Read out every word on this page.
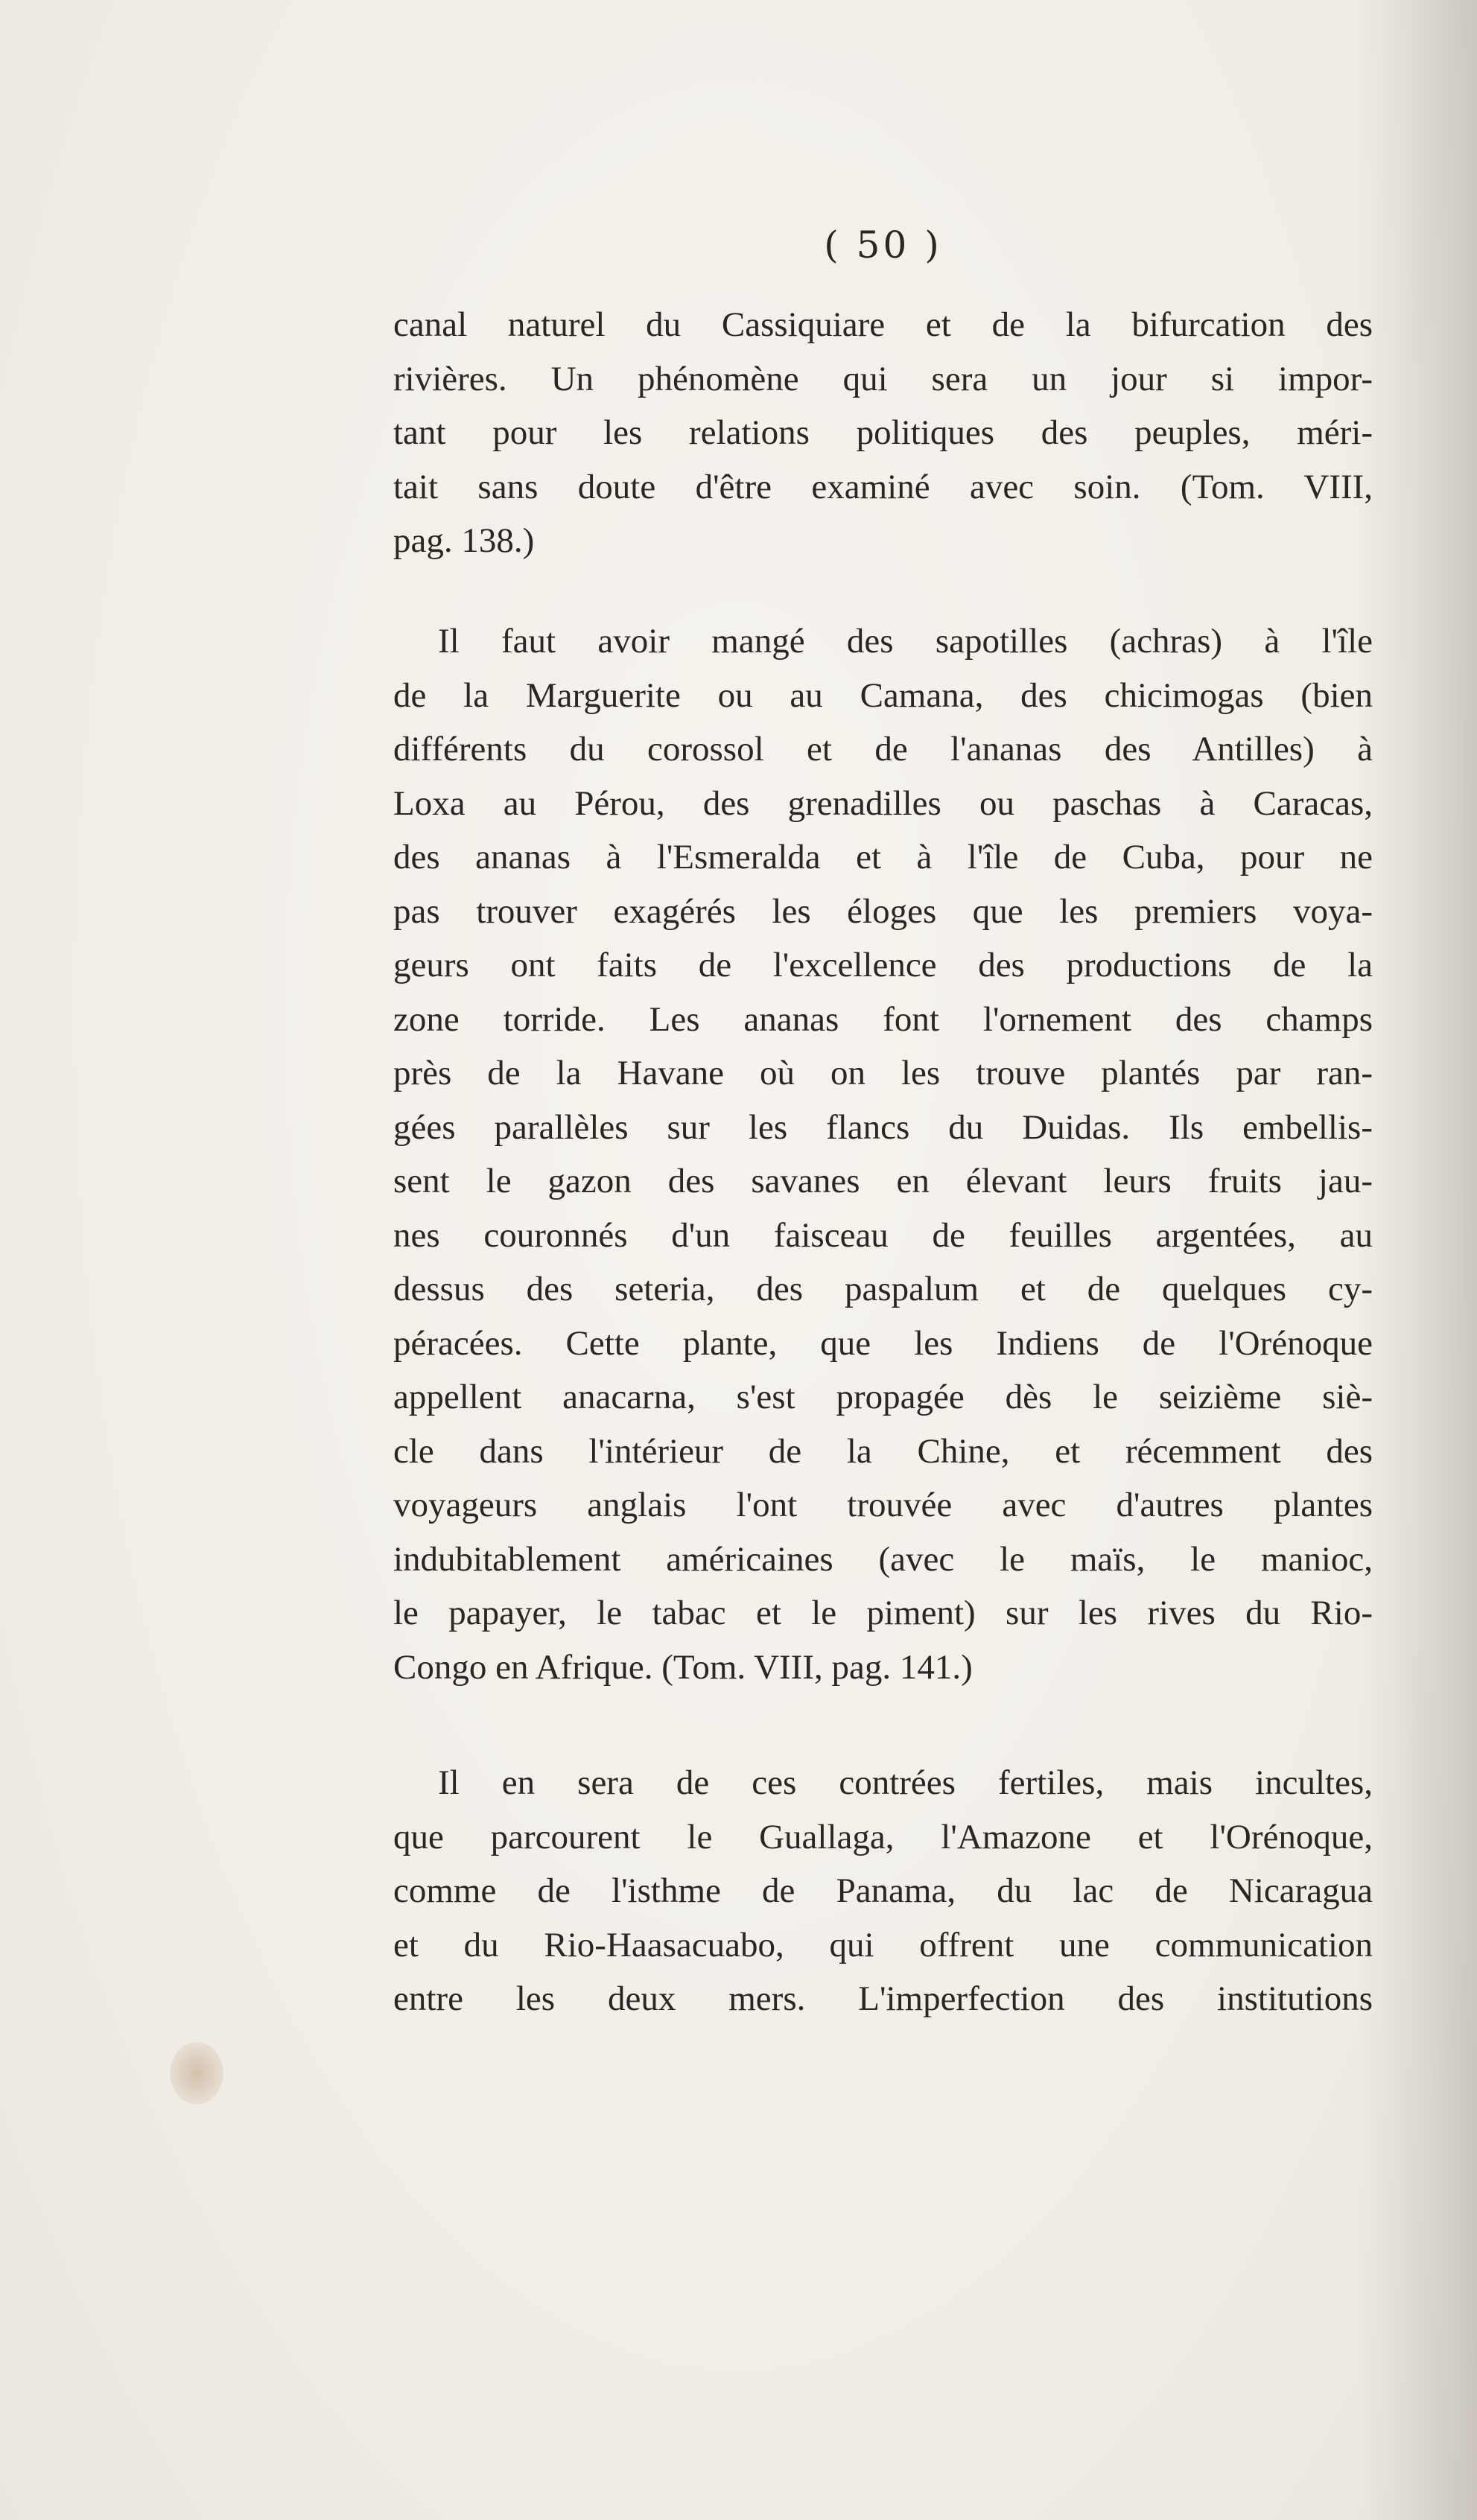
( 50 )
canal naturel du Cassiquiare et de la bifurcation des
rivières. Un phénomène qui sera un jour si impor-
tant pour les relations politiques des peuples, méri-
tait sans doute d'être examiné avec soin. (Tom. VIII,
pag. 138.)
Il faut avoir mangé des sapotilles (achras) à l'île
de la Marguerite ou au Camana, des chicimogas (bien
différents du corossol et de l'ananas des Antilles) à
Loxa au Pérou, des grenadilles ou paschas à Caracas,
des ananas à l'Esmeralda et à l'île de Cuba, pour ne
pas trouver exagérés les éloges que les premiers voya-
geurs ont faits de l'excellence des productions de la
zone torride. Les ananas font l'ornement des champs
près de la Havane où on les trouve plantés par ran-
gées parallèles sur les flancs du Duidas. Ils embellis-
sent le gazon des savanes en élevant leurs fruits jau-
nes couronnés d'un faisceau de feuilles argentées, au
dessus des seteria, des paspalum et de quelques cy-
péracées. Cette plante, que les Indiens de l'Orénoque
appellent anacarna, s'est propagée dès le seizième siè-
cle dans l'intérieur de la Chine, et récemment des
voyageurs anglais l'ont trouvée avec d'autres plantes
indubitablement américaines (avec le maïs, le manioc,
le papayer, le tabac et le piment) sur les rives du Rio-
Congo en Afrique. (Tom. VIII, pag. 141.)
Il en sera de ces contrées fertiles, mais incultes,
que parcourent le Guallaga, l'Amazone et l'Orénoque,
comme de l'isthme de Panama, du lac de Nicaragua
et du Rio-Haasacuabo, qui offrent une communication
entre les deux mers. L'imperfection des institutions
